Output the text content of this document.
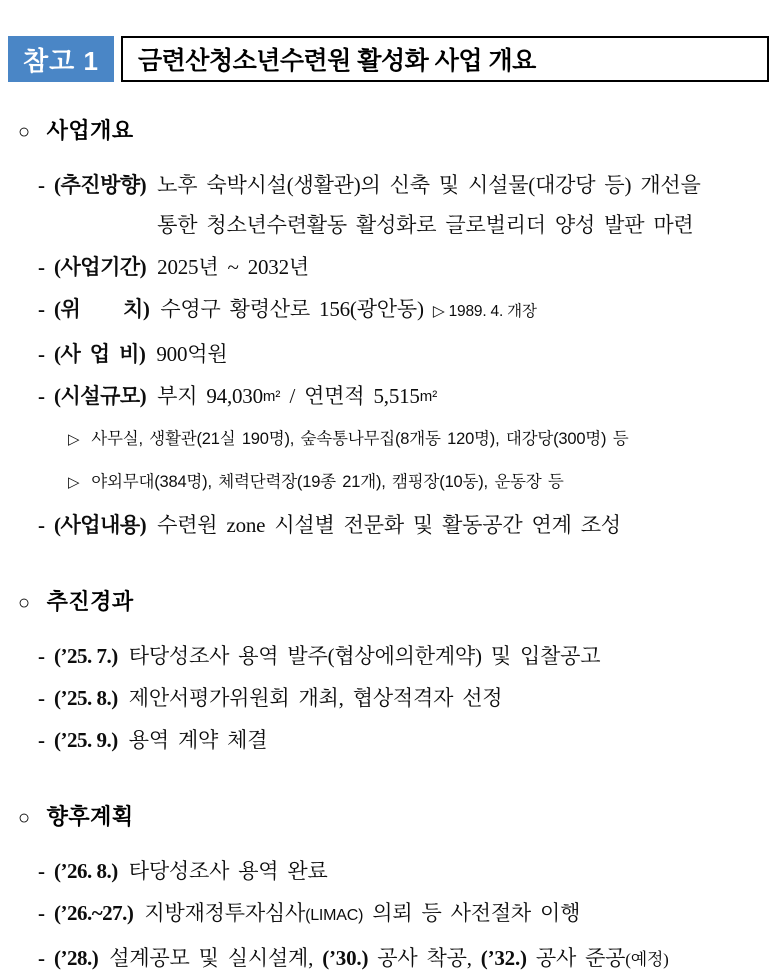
참고 1	금련산청소년수련원 활성화 사업 개요
○ 사업개요
- (추진방향) 노후 숙박시설(생활관)의 신축 및 시설물(대강당 등) 개선을
통한 청소년수련활동 활성화로 글로벌리더 양성 발판 마련
- (사업기간) 2025년 ~ 2032년
- (위         치) 수영구 황령산로 156(광안동) ▷ 1989. 4. 개장
- (사  업  비) 900억원
- (시설규모) 부지 94,030m² / 연면적 5,515m²
▷ 사무실, 생활관(21실 190명), 숲속통나무집(8개동 120명), 대강당(300명) 등
▷ 야외무대(384명), 체력단력장(19종 21개), 캠핑장(10동), 운동장 등
- (사업내용) 수련원 zone 시설별 전문화 및 활동공간 연계 조성
○ 추진경과
- (’25. 7.) 타당성조사 용역 발주(협상에의한계약) 및 입찰공고
- (’25. 8.) 제안서평가위원회 개최, 협상적격자 선정
- (’25. 9.) 용역 계약 체결
○ 향후계획
- (’26. 8.) 타당성조사 용역 완료
- (’26.~27.) 지방재정투자심사(LIMAC) 의뢰 등 사전절차 이행
- (’28.) 설계공모 및 실시설계, (’30.) 공사 착공, (’32.) 공사 준공(예정)
